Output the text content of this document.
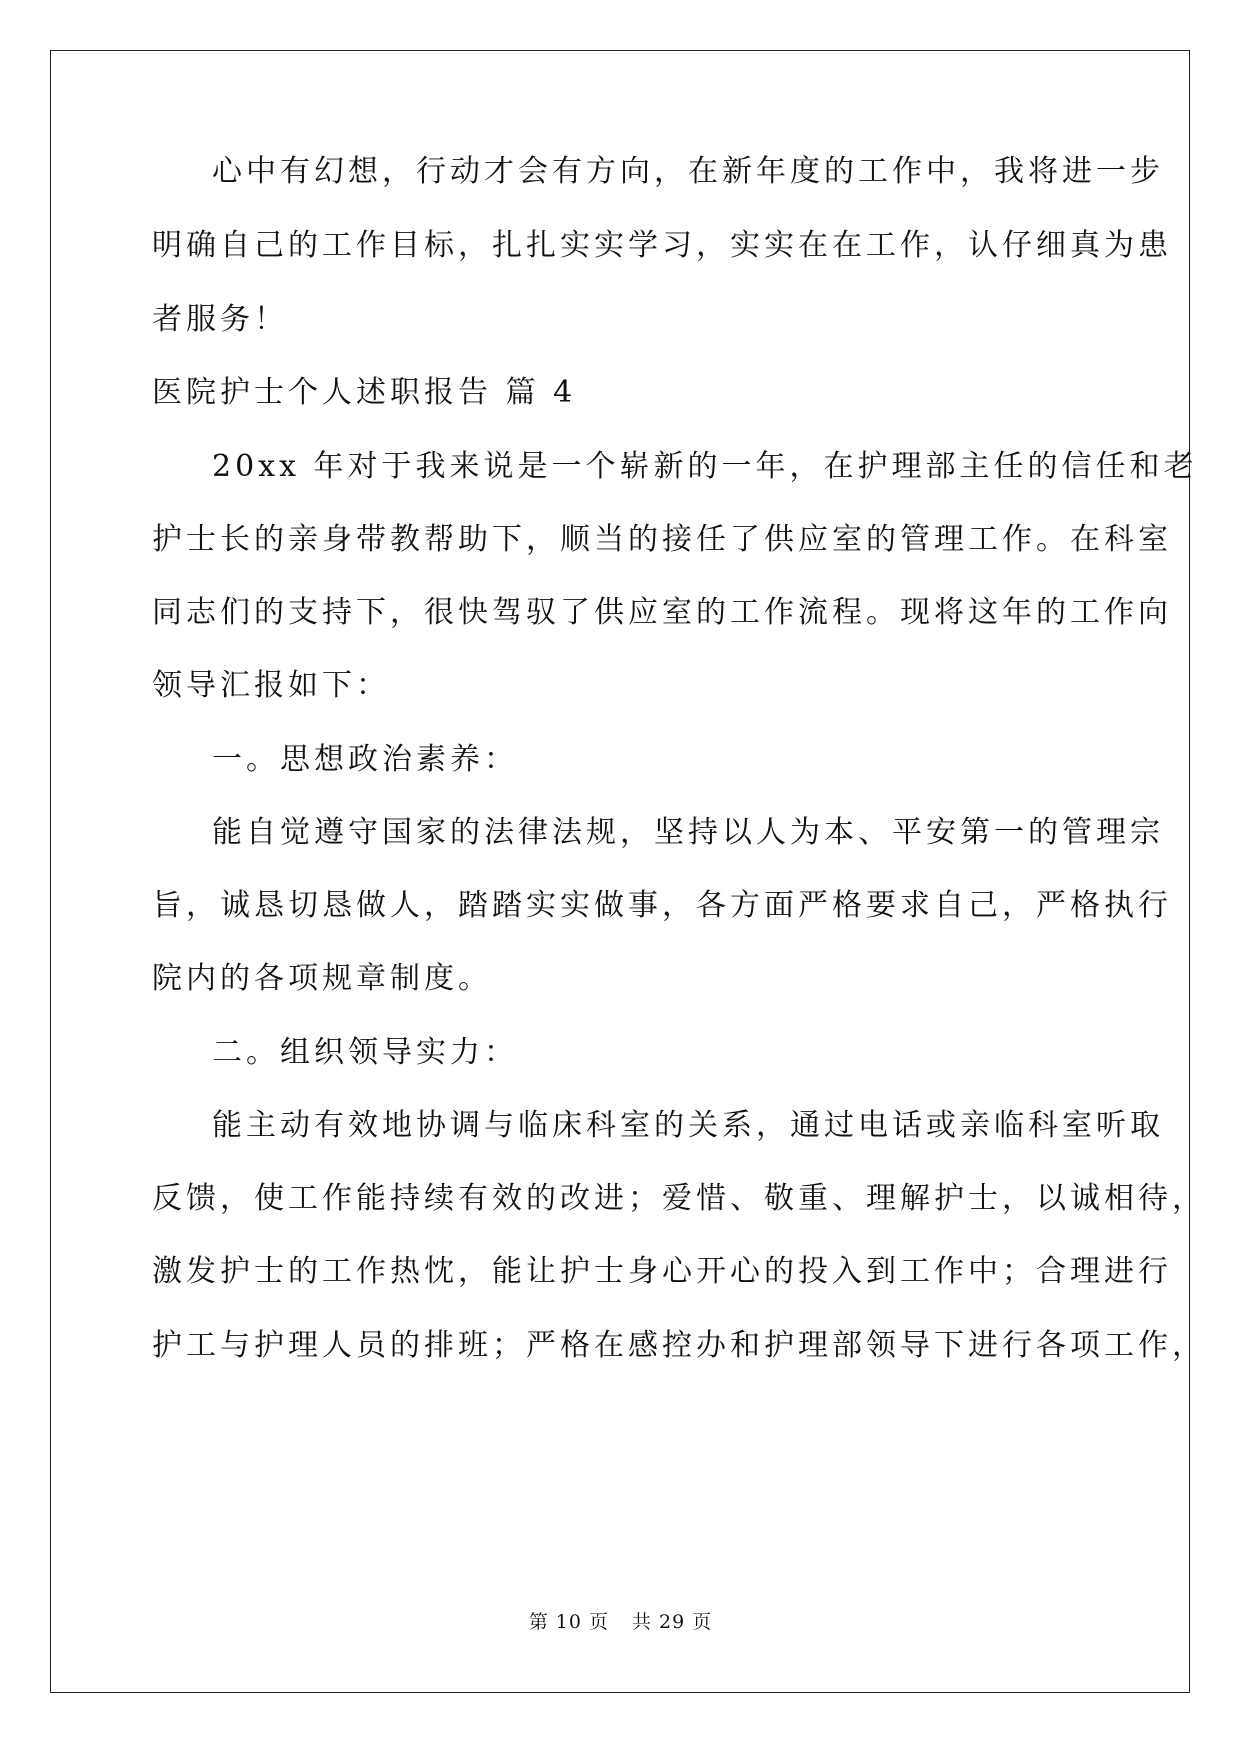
心中有幻想，行动才会有方向，在新年度的工作中，我将进一步
明确自己的工作目标，扎扎实实学习，实实在在工作，认仔细真为患
者服务！
医院护士个人述职报告 篇 4
20xx 年对于我来说是一个崭新的一年，在护理部主任的信任和老
护士长的亲身带教帮助下，顺当的接任了供应室的管理工作。在科室
同志们的支持下，很快驾驭了供应室的工作流程。现将这年的工作向
领导汇报如下：
一。思想政治素养：
能自觉遵守国家的法律法规，坚持以人为本、平安第一的管理宗
旨，诚恳切恳做人，踏踏实实做事，各方面严格要求自己，严格执行
院内的各项规章制度。
二。组织领导实力：
能主动有效地协调与临床科室的关系，通过电话或亲临科室听取
反馈，使工作能持续有效的改进；爱惜、敬重、理解护士，以诚相待，
激发护士的工作热忱，能让护士身心开心的投入到工作中；合理进行
护工与护理人员的排班；严格在感控办和护理部领导下进行各项工作，
第 10 页 共 29 页
